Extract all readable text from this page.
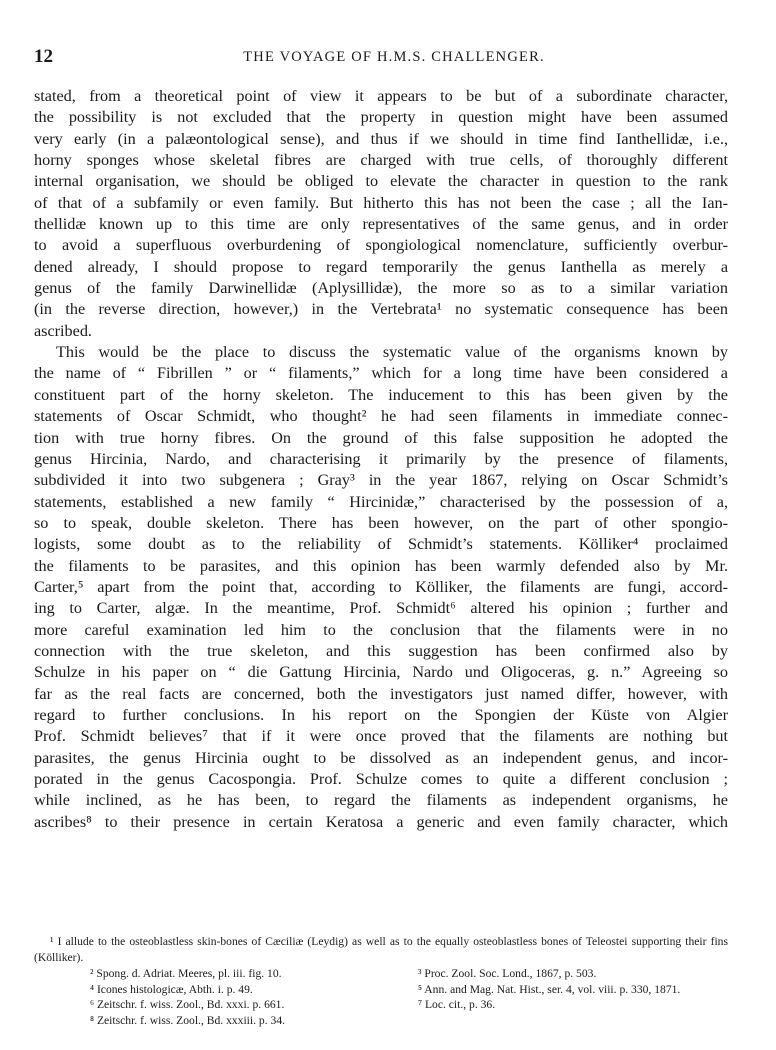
12	THE VOYAGE OF H.M.S. CHALLENGER.
stated, from a theoretical point of view it appears to be but of a subordinate character,
the possibility is not excluded that the property in question might have been assumed
very early (in a palæontological sense), and thus if we should in time find Ianthellidæ, i.e.,
horny sponges whose skeletal fibres are charged with true cells, of thoroughly different
internal organisation, we should be obliged to elevate the character in question to the rank
of that of a subfamily or even family. But hitherto this has not been the case ; all the Ian-
thellidæ known up to this time are only representatives of the same genus, and in order
to avoid a superfluous overburdening of spongiological nomenclature, sufficiently overbur-
dened already, I should propose to regard temporarily the genus Ianthella as merely a
genus of the family Darwinellidæ (Aplysillidæ), the more so as to a similar variation
(in the reverse direction, however,) in the Vertebrata¹ no systematic consequence has been
ascribed.
This would be the place to discuss the systematic value of the organisms known by
the name of “ Fibrillen ” or “ filaments,” which for a long time have been considered a
constituent part of the horny skeleton. The inducement to this has been given by the
statements of Oscar Schmidt, who thought² he had seen filaments in immediate connec-
tion with true horny fibres. On the ground of this false supposition he adopted the
genus Hircinia, Nardo, and characterising it primarily by the presence of filaments,
subdivided it into two subgenera ; Gray³ in the year 1867, relying on Oscar Schmidt’s
statements, established a new family “ Hircinidæ,” characterised by the possession of a,
so to speak, double skeleton. There has been however, on the part of other spongio-
logists, some doubt as to the reliability of Schmidt’s statements. Kölliker⁴ proclaimed
the filaments to be parasites, and this opinion has been warmly defended also by Mr.
Carter,⁵ apart from the point that, according to Kölliker, the filaments are fungi, accord-
ing to Carter, algæ. In the meantime, Prof. Schmidt⁶ altered his opinion ; further and
more careful examination led him to the conclusion that the filaments were in no
connection with the true skeleton, and this suggestion has been confirmed also by
Schulze in his paper on “ die Gattung Hircinia, Nardo und Oligoceras, g. n.” Agreeing so
far as the real facts are concerned, both the investigators just named differ, however, with
regard to further conclusions. In his report on the Spongien der Küste von Algier
Prof. Schmidt believes⁷ that if it were once proved that the filaments are nothing but
parasites, the genus Hircinia ought to be dissolved as an independent genus, and incor-
porated in the genus Cacospongia. Prof. Schulze comes to quite a different conclusion ;
while inclined, as he has been, to regard the filaments as independent organisms, he
ascribes⁸ to their presence in certain Keratosa a generic and even family character, which
¹ I allude to the osteoblastless skin-bones of Cæciliæ (Leydig) as well as to the equally osteoblastless bones of Teleostei supporting their fins (Kölliker).
² Spong. d. Adriat. Meeres, pl. iii. fig. 10.	³ Proc. Zool. Soc. Lond., 1867, p. 503.
⁴ Icones histologicæ, Abth. i. p. 49.	⁵ Ann. and Mag. Nat. Hist., ser. 4, vol. viii. p. 330, 1871.
⁶ Zeitschr. f. wiss. Zool., Bd. xxxi. p. 661.	⁷ Loc. cit., p. 36.
⁸ Zeitschr. f. wiss. Zool., Bd. xxxiii. p. 34.
